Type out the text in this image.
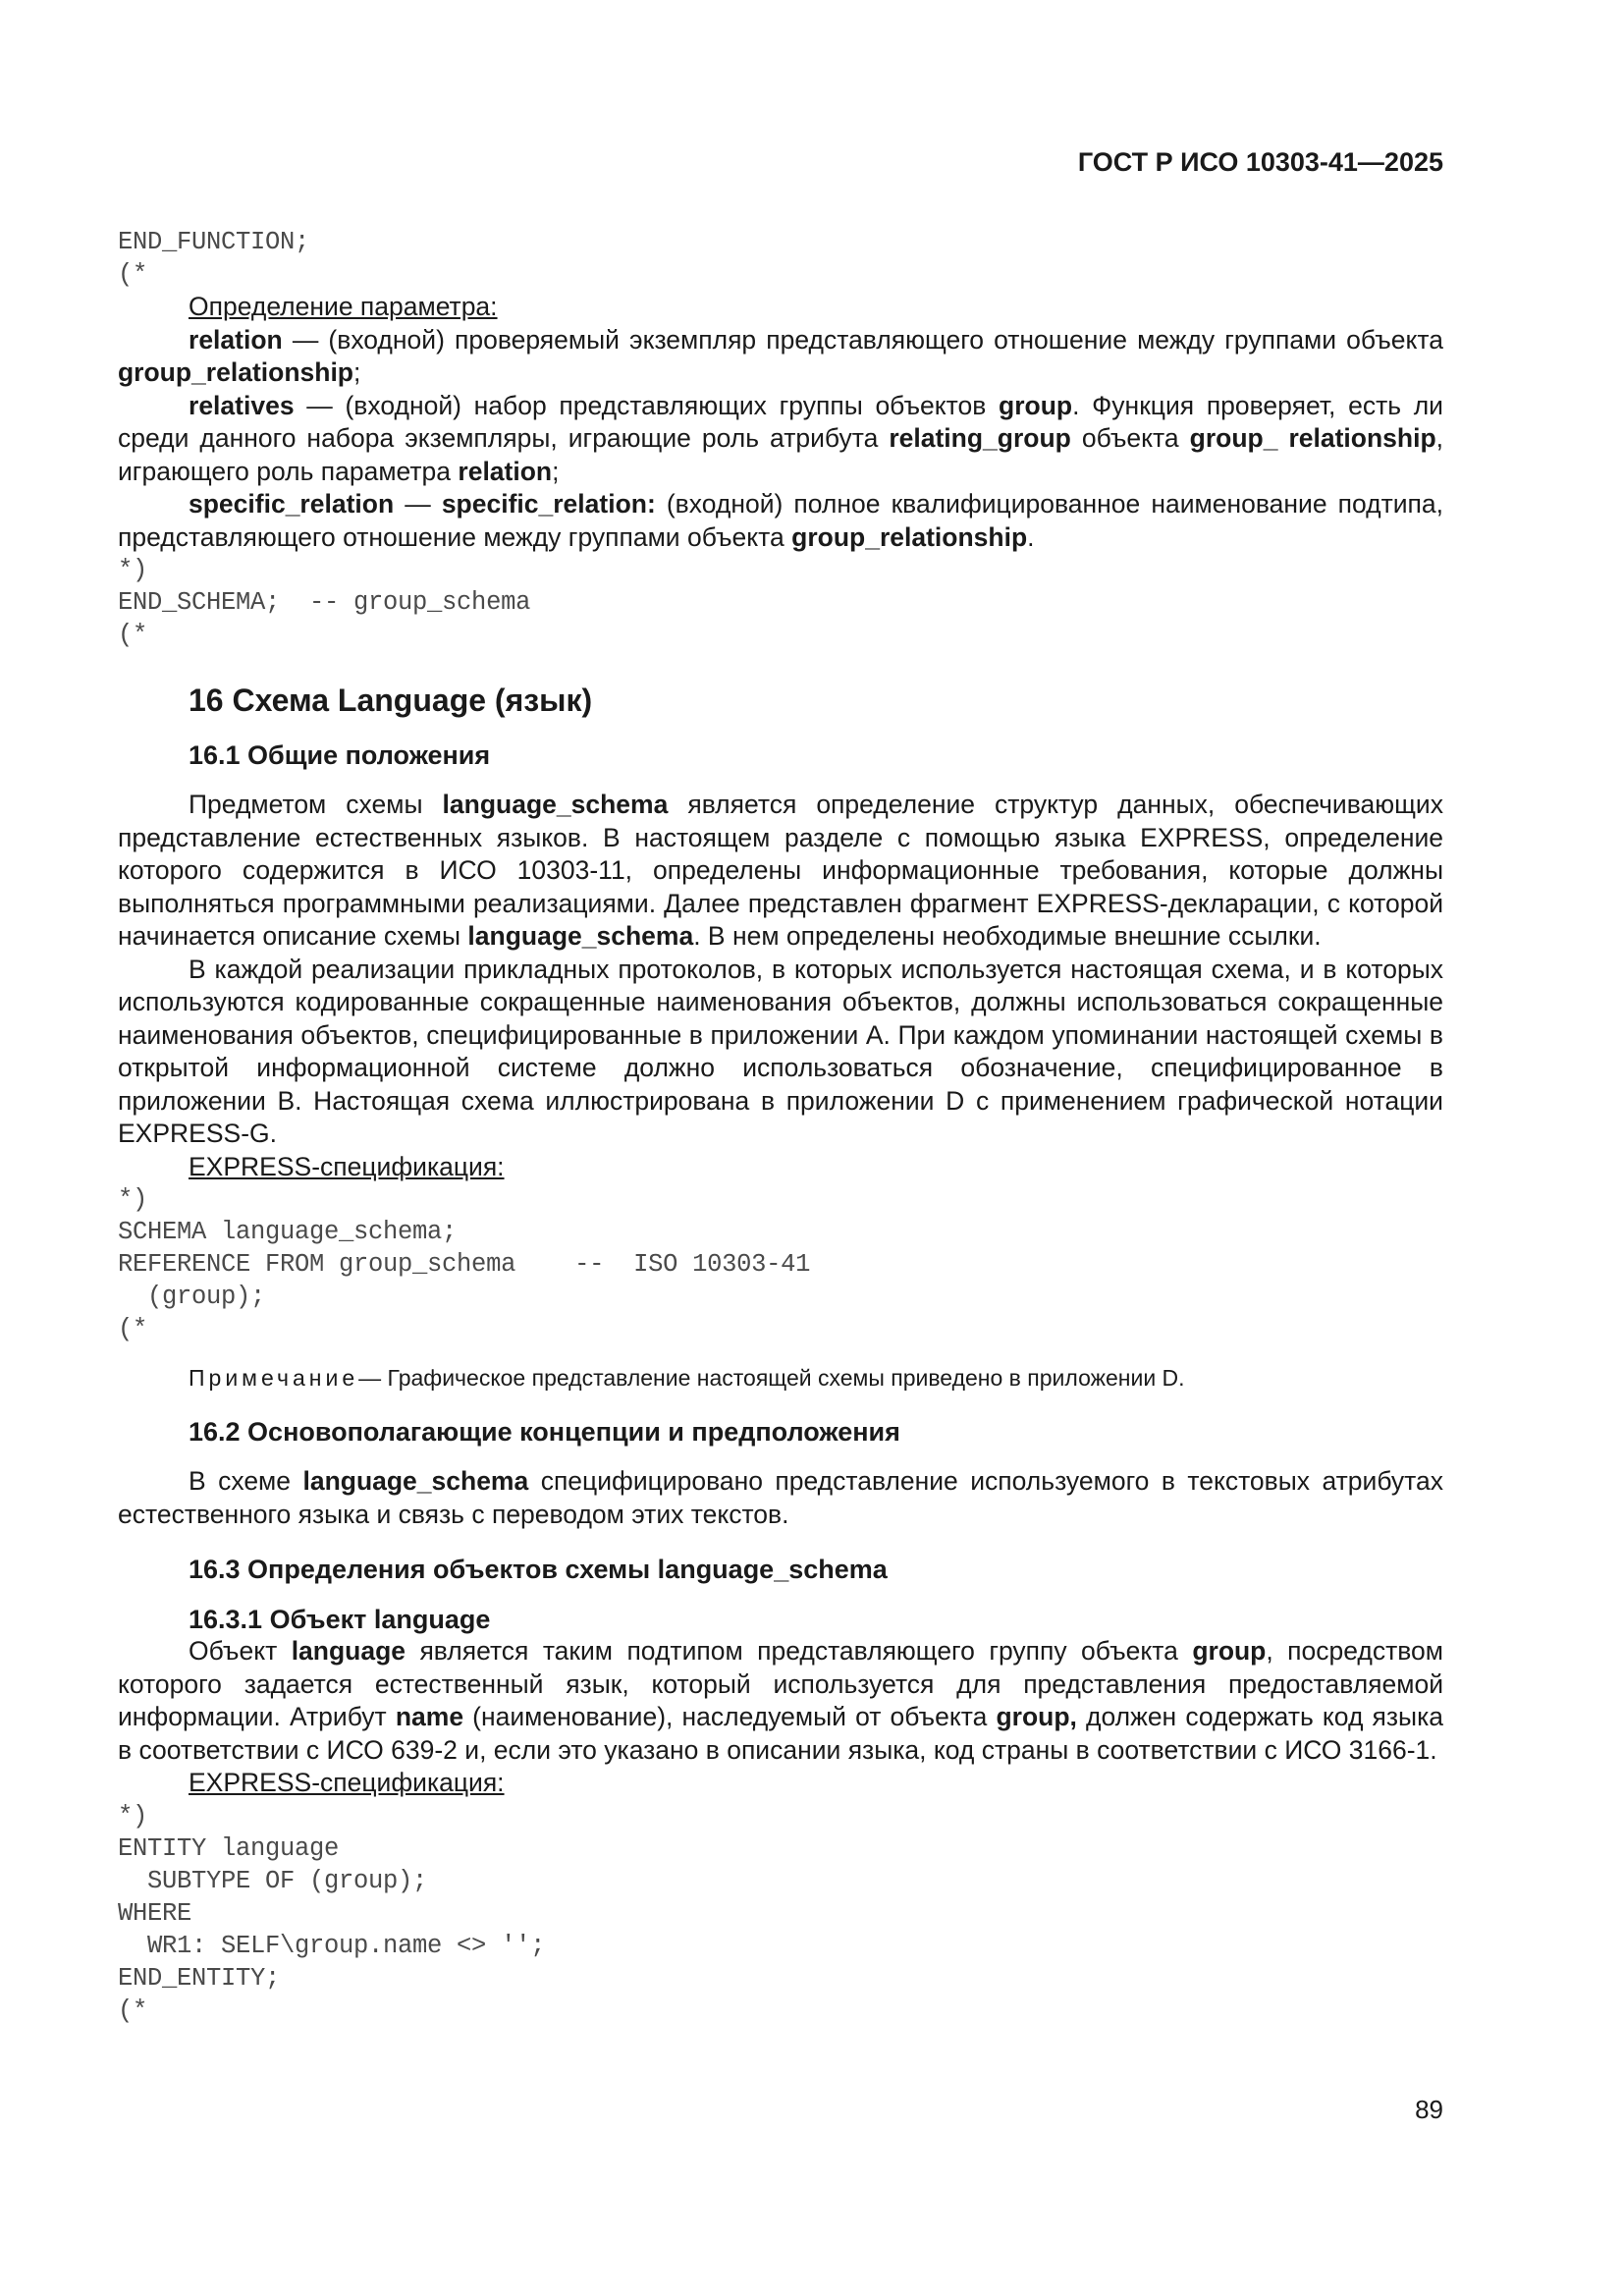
ГОСТ Р ИСО 10303-41—2025
END_FUNCTION;
(*

Определение параметра:

relation — (входной) проверяемый экземпляр представляющего отношение между группами объекта group_relationship;

relatives — (входной) набор представляющих группы объектов group. Функция проверяет, есть ли среди данного набора экземпляры, играющие роль атрибута relating_group объекта group_ relationship, играющего роль параметра relation;

specific_relation — specific_relation: (входной) полное квалифицированное наименование подтипа, представляющего отношение между группами объекта group_relationship.

*)
END_SCHEMA;  -- group_schema
(*
16 Схема Language (язык)
16.1 Общие положения

Предметом схемы language_schema является определение структур данных, обеспечивающих представление естественных языков. В настоящем разделе с помощью языка EXPRESS, определение которого содержится в ИСО 10303-11, определены информационные требования, которые должны выполняться программными реализациями. Далее представлен фрагмент EXPRESS-декларации, с которой начинается описание схемы language_schema. В нем определены необходимые внешние ссылки.

В каждой реализации прикладных протоколов, в которых используется настоящая схема, и в которых используются кодированные сокращенные наименования объектов, должны использоваться сокращенные наименования объектов, специфицированные в приложении А. При каждом упоминании настоящей схемы в открытой информационной системе должно использоваться обозначение, специфицированное в приложении В. Настоящая схема иллюстрирована в приложении D с применением графической нотации EXPRESS-G.

EXPRESS-спецификация:

*)
SCHEMA language_schema;
REFERENCE FROM group_schema    --  ISO 10303-41
(group);
(*

Примечание— Графическое представление настоящей схемы приведено в приложении D.

16.2 Основополагающие концепции и предположения

В схеме language_schema специфицировано представление используемого в текстовых атрибутах естественного языка и связь с переводом этих текстов.

16.3 Определения объектов схемы language_schema
16.3.1 Объект language

Объект language является таким подтипом представляющего группу объекта group, посредством которого задается естественный язык, который используется для представления предоставляемой информации. Атрибут name (наименование), наследуемый от объекта group, должен содержать код языка в соответствии с ИСО 639-2 и, если это указано в описании языка, код страны в соответствии с ИСО 3166-1.

EXPRESS-спецификация:

*)
ENTITY language
SUBTYPE OF (group);
WHERE
WR1: SELF\group.name <> '';
END_ENTITY;
(*
89
